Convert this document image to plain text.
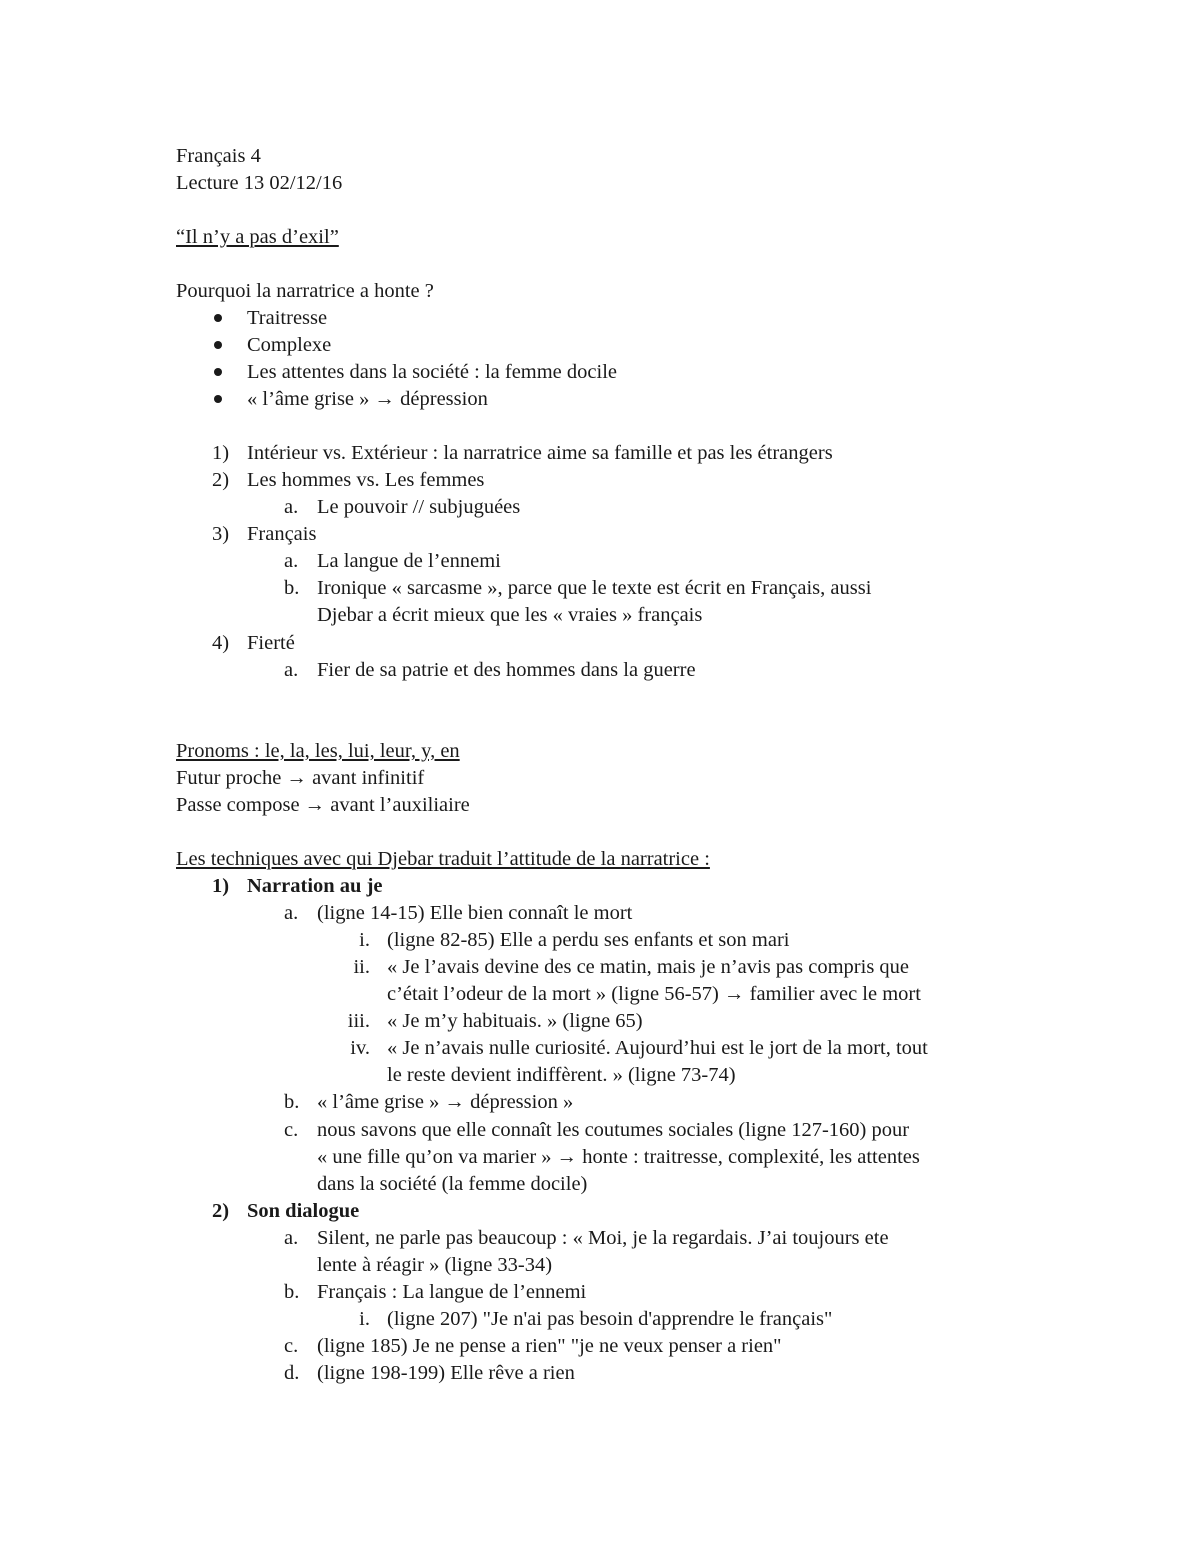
Français 4
Lecture 13 02/12/16
“Il n’y a pas d’exil”
Pourquoi la narratrice a honte ?
Traitresse
Complexe
Les attentes dans la société : la femme docile
« l’âme grise » → dépression
1) Intérieur vs. Extérieur : la narratrice aime sa famille et pas les étrangers
2) Les hommes vs. Les femmes
a. Le pouvoir // subjuguées
3) Français
a. La langue de l’ennemi
b. Ironique « sarcasme », parce que le texte est écrit en Français, aussi
Djebar a écrit mieux que les « vraies » français
4) Fierté
a. Fier de sa patrie et des hommes dans la guerre
Pronoms : le, la, les, lui, leur, y, en
Futur proche → avant infinitif
Passe compose → avant l’auxiliaire
Les techniques avec qui Djebar traduit l’attitude de la narratrice :
1) Narration au je
a. (ligne 14-15) Elle bien connaît le mort
i. (ligne 82-85) Elle a perdu ses enfants et son mari
ii. « Je l’avais devine des ce matin, mais je n’avis pas compris que
c’était l’odeur de la mort » (ligne 56-57) → familier avec le mort
iii. « Je m’y habituais. » (ligne 65)
iv. « Je n’avais nulle curiosité. Aujourd’hui est le jort de la mort, tout
le reste devient indiffèrent. » (ligne 73-74)
b. « l’âme grise » → dépression »
c. nous savons que elle connaît les coutumes sociales (ligne 127-160) pour
« une fille qu’on va marier » → honte : traitresse, complexité, les attentes
dans la société (la femme docile)
2) Son dialogue
a. Silent, ne parle pas beaucoup : « Moi, je la regardais. J’ai toujours ete
lente à réagir » (ligne 33-34)
b. Français : La langue de l’ennemi
i. (ligne 207) "Je n'ai pas besoin d'apprendre le français"
c. (ligne 185) Je ne pense a rien" "je ne veux penser a rien"
d. (ligne 198-199) Elle rêve a rien
